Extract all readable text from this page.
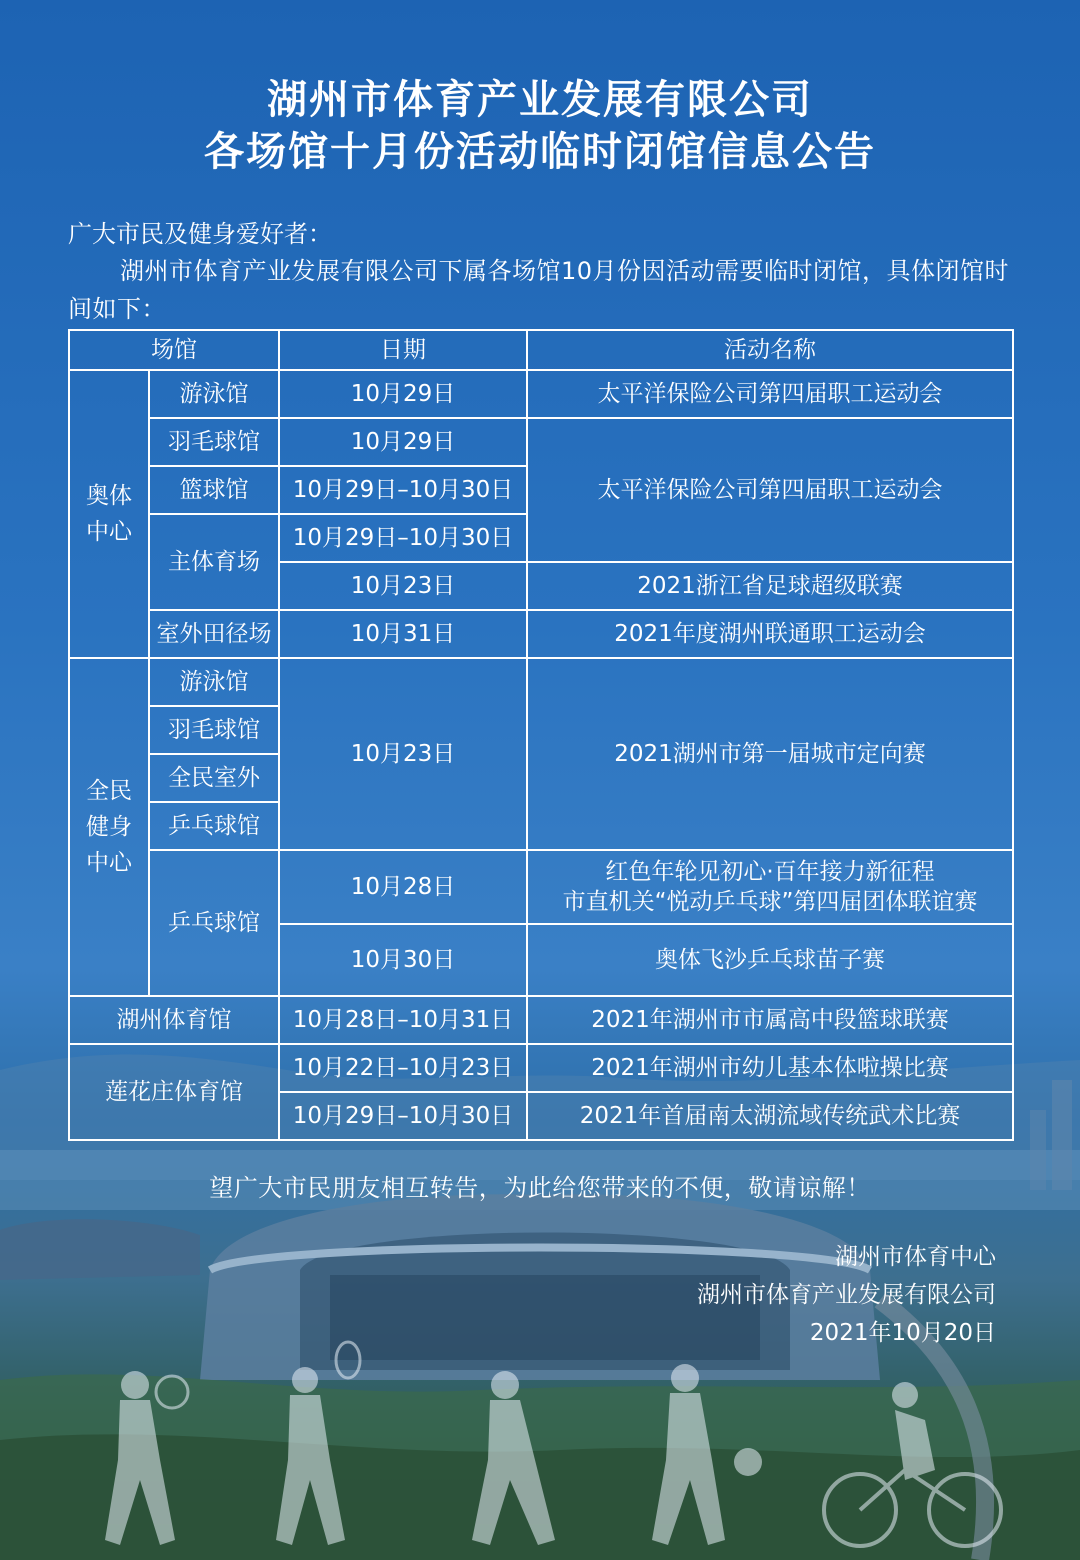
湖州市体育产业发展有限公司
各场馆十月份活动临时闭馆信息公告
广大市民及健身爱好者：
湖州市体育产业发展有限公司下属各场馆10月份因活动需要临时闭馆，具体闭馆时间如下：
场馆		日期	活动名称

奥体中心	游泳馆	10月29日	太平洋保险公司第四届职工运动会
	羽毛球馆	10月29日	太平洋保险公司第四届职工运动会
	篮球馆	10月29日–10月30日	
	主体育场	10月29日–10月30日	
		10月23日	2021浙江省足球超级联赛
	室外田径场	10月31日	2021年度湖州联通职工运动会

全民健身中心	游泳馆	10月23日	2021湖州市第一届城市定向赛
	羽毛球馆		
	全民室外		
	乒乓球馆		
	乒乓球馆	10月28日	红色年轮见初心·百年接力新征程
市直机关“悦动乒乓球”第四届团体联谊赛

		10月30日	奥体飞沙乒乓球苗子赛
湖州体育馆		10月28日–10月31日	2021年湖州市市属高中段篮球联赛
莲花庄体育馆		10月22日–10月23日	2021年湖州市幼儿基本体啦操比赛
		10月29日–10月30日	2021年首届南太湖流域传统武术比赛
望广大市民朋友相互转告，为此给您带来的不便，敬请谅解！
湖州市体育中心
湖州市体育产业发展有限公司
2021年10月20日
